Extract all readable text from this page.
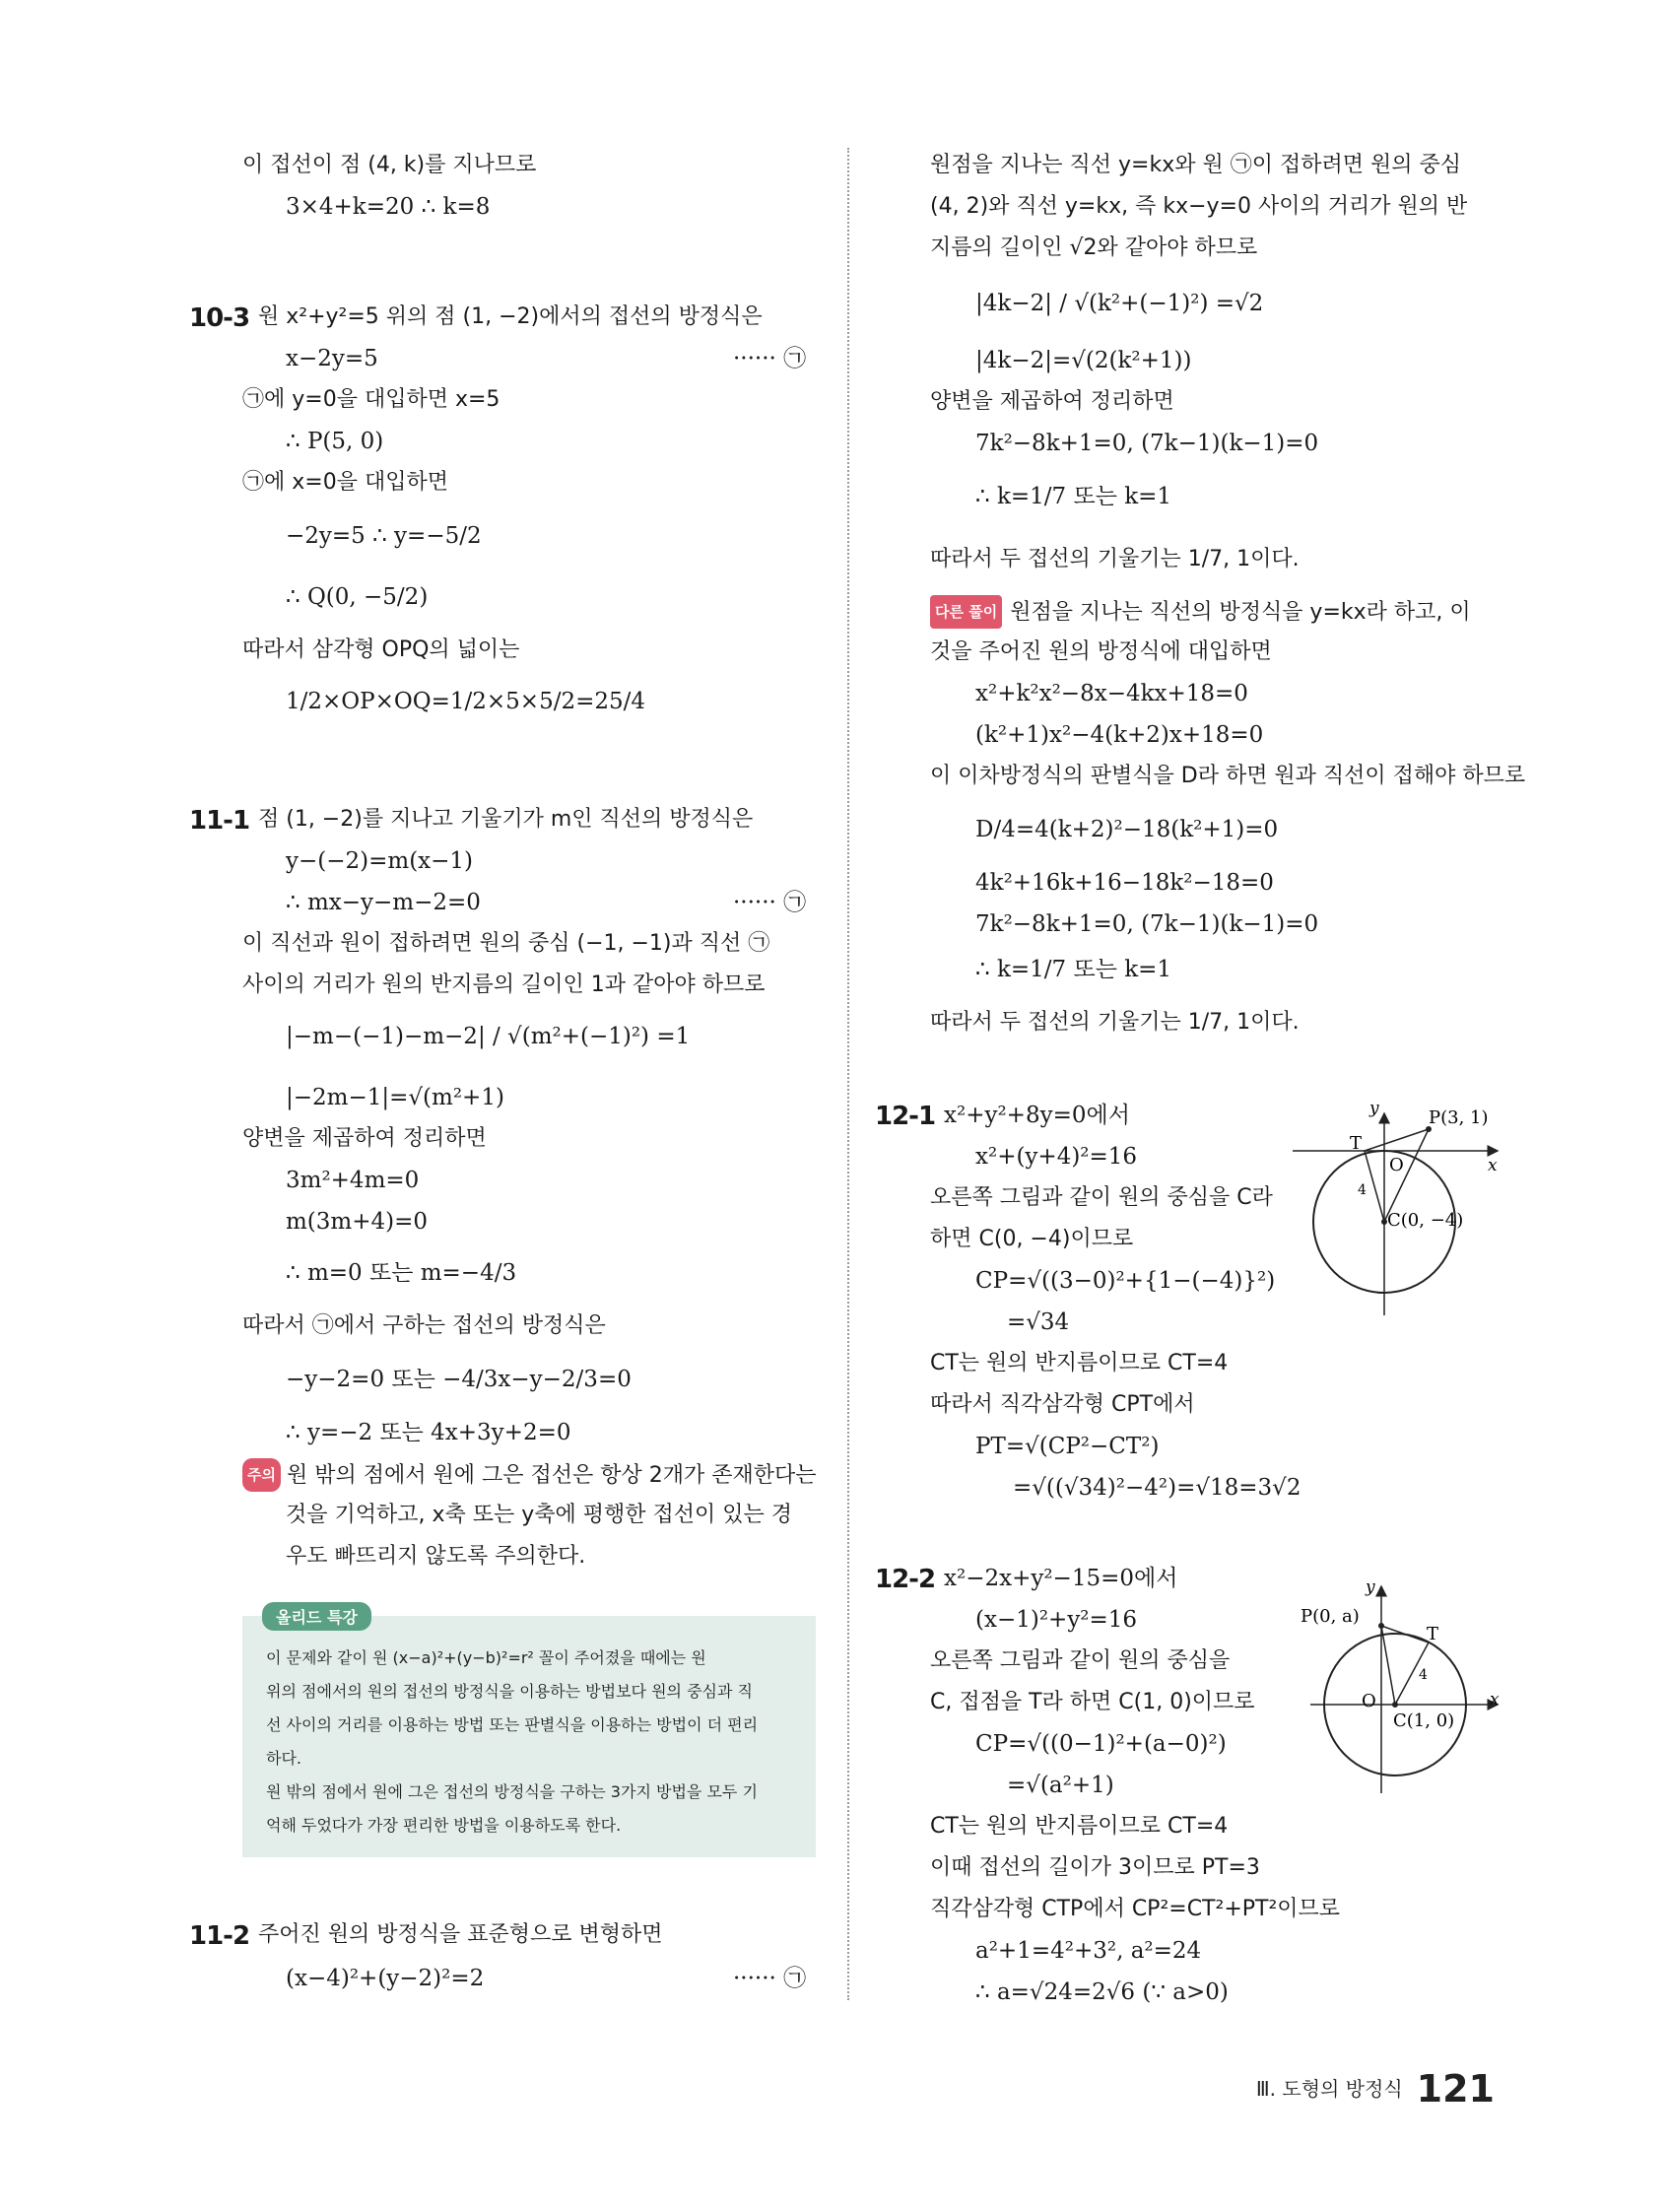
이 접선이 점 (4, k)를 지나므로
3×4+k=20 ∴ k=8
10-3 원 x²+y²=5 위의 점 (1, −2)에서의 접선의 방정식은
x−2y=5	······ ㉠
㉠에 y=0을 대입하면 x=5
∴ P(5, 0)
㉠에 x=0을 대입하면
−2y=5 ∴ y=−5/2
∴ Q(0, −5/2)
따라서 삼각형 OPQ의 넓이는
1/2×OP×OQ=1/2×5×5/2=25/4
11-1 점 (1, −2)를 지나고 기울기가 m인 직선의 방정식은
y−(−2)=m(x−1)
∴ mx−y−m−2=0	······ ㉠
이 직선과 원이 접하려면 원의 중심 (−1, −1)과 직선 ㉠
사이의 거리가 원의 반지름의 길이인 1과 같아야 하므로
|−m−(−1)−m−2| / √(m²+(−1)²) =1
|−2m−1|=√(m²+1)
양변을 제곱하여 정리하면
3m²+4m=0
m(3m+4)=0
∴ m=0 또는 m=−4/3
따라서 ㉠에서 구하는 접선의 방정식은
−y−2=0 또는 −4/3x−y−2/3=0
∴ y=−2 또는 4x+3y+2=0
주의 원 밖의 점에서 원에 그은 접선은 항상 2개가 존재한다는
것을 기억하고, x축 또는 y축에 평행한 접선이 있는 경
우도 빠뜨리지 않도록 주의한다.
올리드 특강
이 문제와 같이 원 (x−a)²+(y−b)²=r² 꼴이 주어졌을 때에는 원
위의 점에서의 원의 접선의 방정식을 이용하는 방법보다 원의 중심과 직
선 사이의 거리를 이용하는 방법 또는 판별식을 이용하는 방법이 더 편리
하다.
원 밖의 점에서 원에 그은 접선의 방정식을 구하는 3가지 방법을 모두 기
억해 두었다가 가장 편리한 방법을 이용하도록 한다.
11-2 주어진 원의 방정식을 표준형으로 변형하면
(x−4)²+(y−2)²=2	······ ㉠
원점을 지나는 직선 y=kx와 원 ㉠이 접하려면 원의 중심
(4, 2)와 직선 y=kx, 즉 kx−y=0 사이의 거리가 원의 반
지름의 길이인 √2와 같아야 하므로
|4k−2| / √(k²+(−1)²) =√2
|4k−2|=√(2(k²+1))
양변을 제곱하여 정리하면
7k²−8k+1=0, (7k−1)(k−1)=0
∴ k=1/7 또는 k=1
따라서 두 접선의 기울기는 1/7, 1이다.
다른 풀이 원점을 지나는 직선의 방정식을 y=kx라 하고, 이
것을 주어진 원의 방정식에 대입하면
x²+k²x²−8x−4kx+18=0
(k²+1)x²−4(k+2)x+18=0
이 이차방정식의 판별식을 D라 하면 원과 직선이 접해야 하므로
D/4=4(k+2)²−18(k²+1)=0
4k²+16k+16−18k²−18=0
7k²−8k+1=0, (7k−1)(k−1)=0
∴ k=1/7 또는 k=1
따라서 두 접선의 기울기는 1/7, 1이다.
12-1 x²+y²+8y=0에서
x²+(y+4)²=16
오른쪽 그림과 같이 원의 중심을 C라
하면 C(0, −4)이므로
CP=√((3−0)²+{1−(−4)}²)
=√34
CT는 원의 반지름이므로 CT=4
따라서 직각삼각형 CPT에서
PT=√(CP²−CT²)
=√((√34)²−4²)=√18=3√2
y
x
O
T
P(3, 1)
C(0, −4)
4
12-2 x²−2x+y²−15=0에서
(x−1)²+y²=16
오른쪽 그림과 같이 원의 중심을
C, 접점을 T라 하면 C(1, 0)이므로
CP=√((0−1)²+(a−0)²)
=√(a²+1)
CT는 원의 반지름이므로 CT=4
이때 접선의 길이가 3이므로 PT=3
직각삼각형 CTP에서 CP²=CT²+PT²이므로
a²+1=4²+3², a²=24
∴ a=√24=2√6 (∵ a>0)
y
x
O
T
P(0, a)
C(1, 0)
4
Ⅲ. 도형의 방정식 121
